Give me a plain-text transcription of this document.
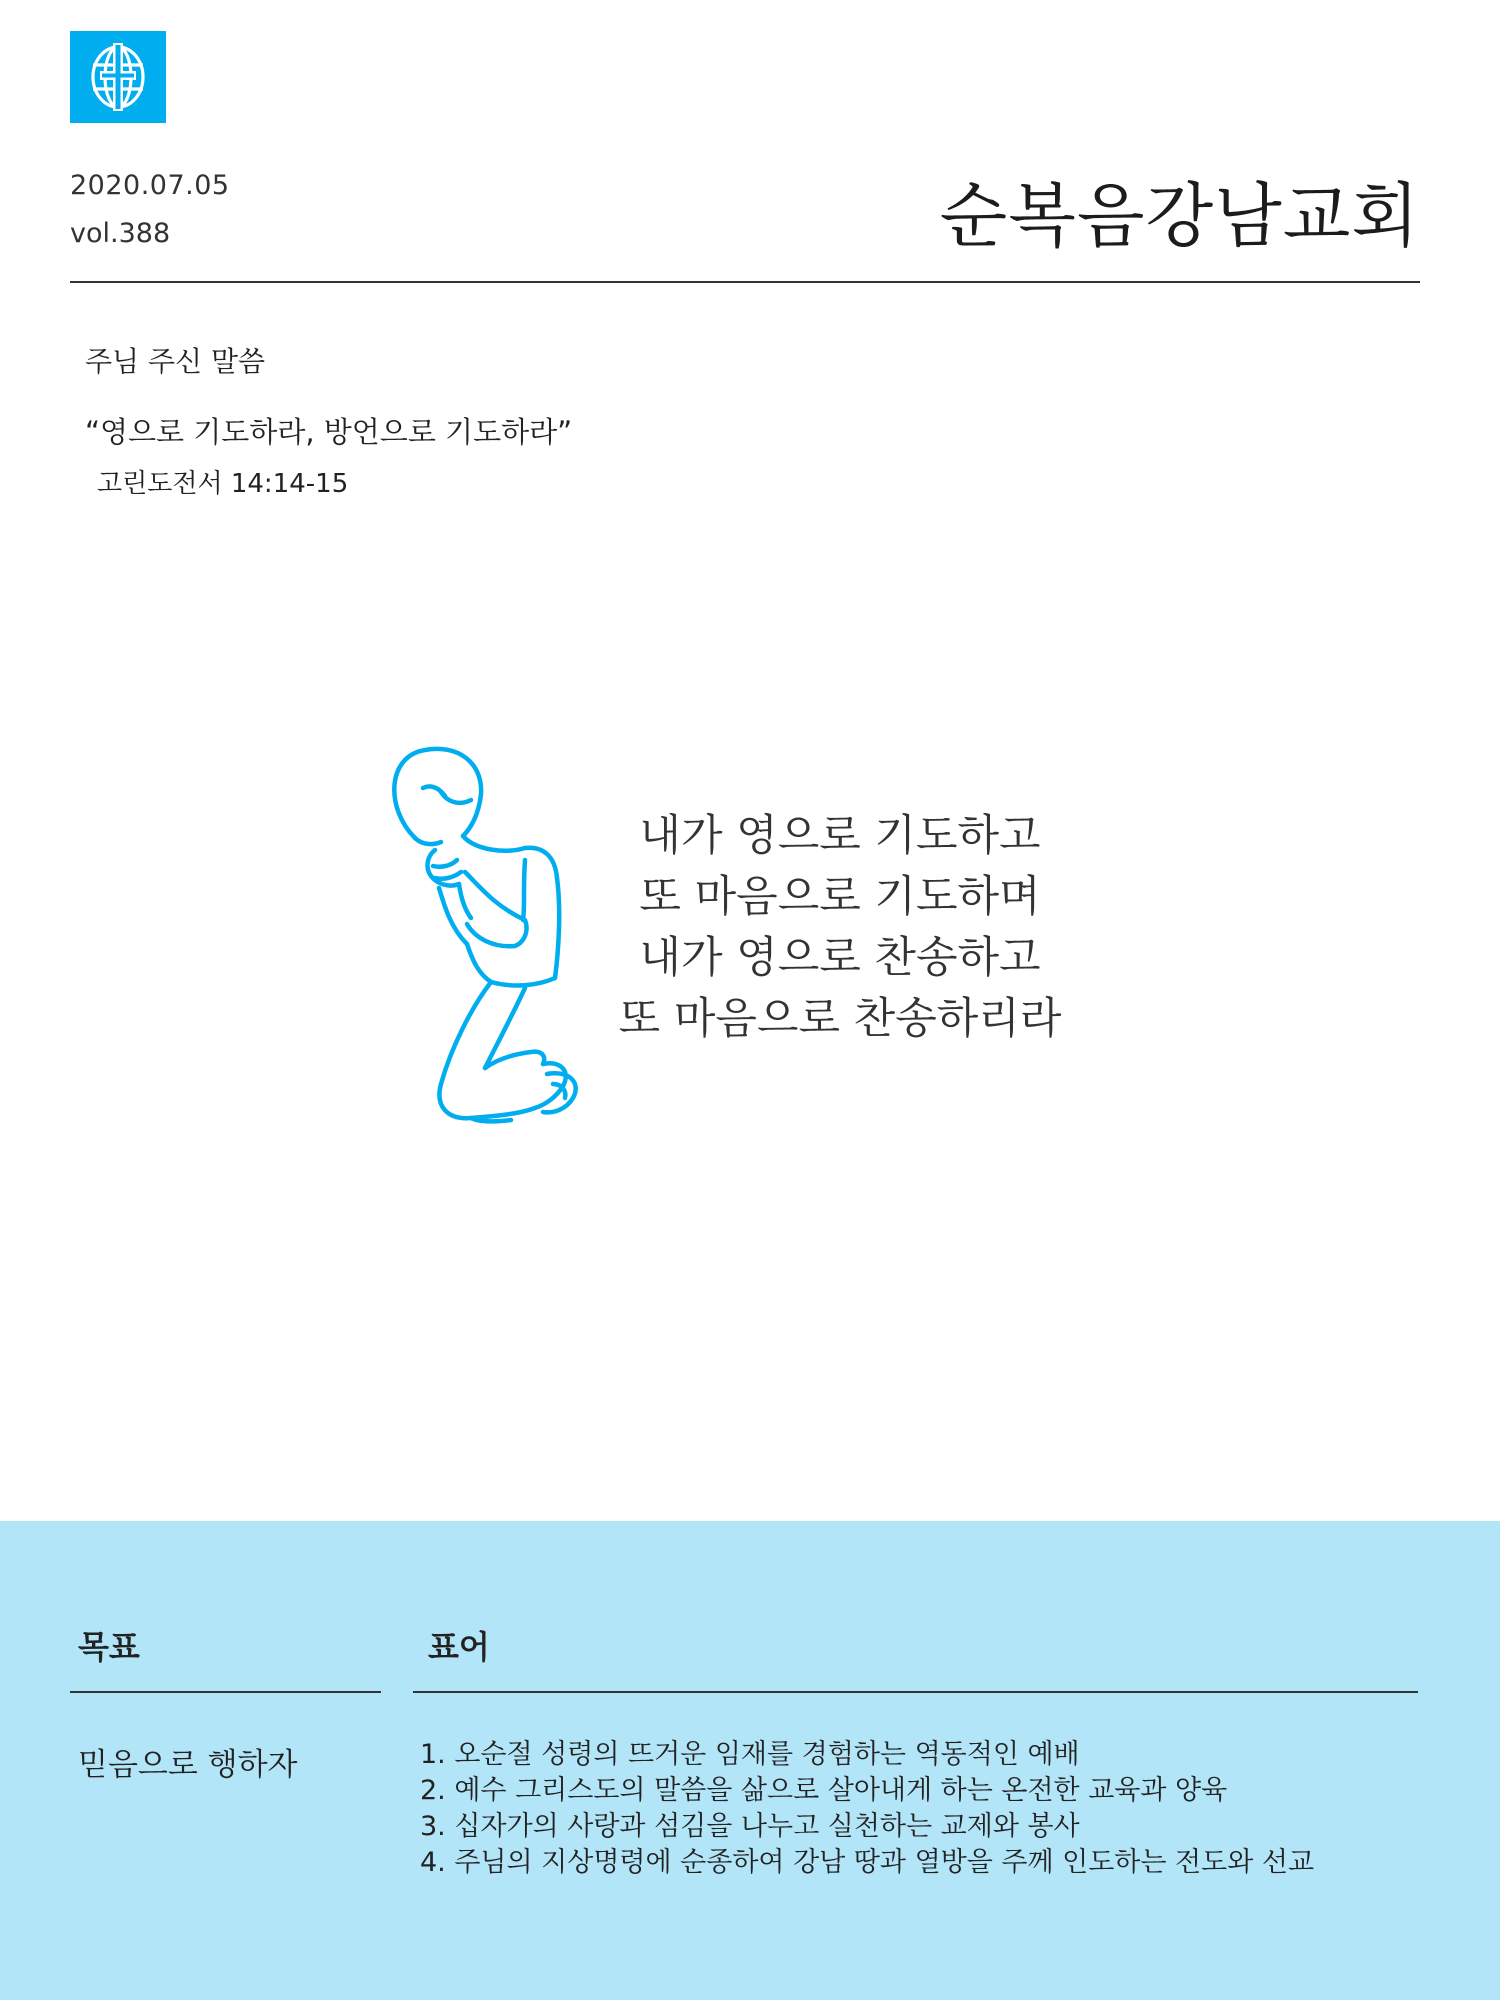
2020.07.05
vol.388	순복음강남교회
주님 주신 말씀
“영으로 기도하라, 방언으로 기도하라”
고린도전서 14:14-15
내가 영으로 기도하고
또 마음으로 기도하며
내가 영으로 찬송하고
또 마음으로 찬송하리라
목표	표어
믿음으로 행하자	1. 오순절 성령의 뜨거운 임재를 경험하는 역동적인 예배
2. 예수 그리스도의 말씀을 삶으로 살아내게 하는 온전한 교육과 양육
3. 십자가의 사랑과 섬김을 나누고 실천하는 교제와 봉사
4. 주님의 지상명령에 순종하여 강남 땅과 열방을 주께 인도하는 전도와 선교
